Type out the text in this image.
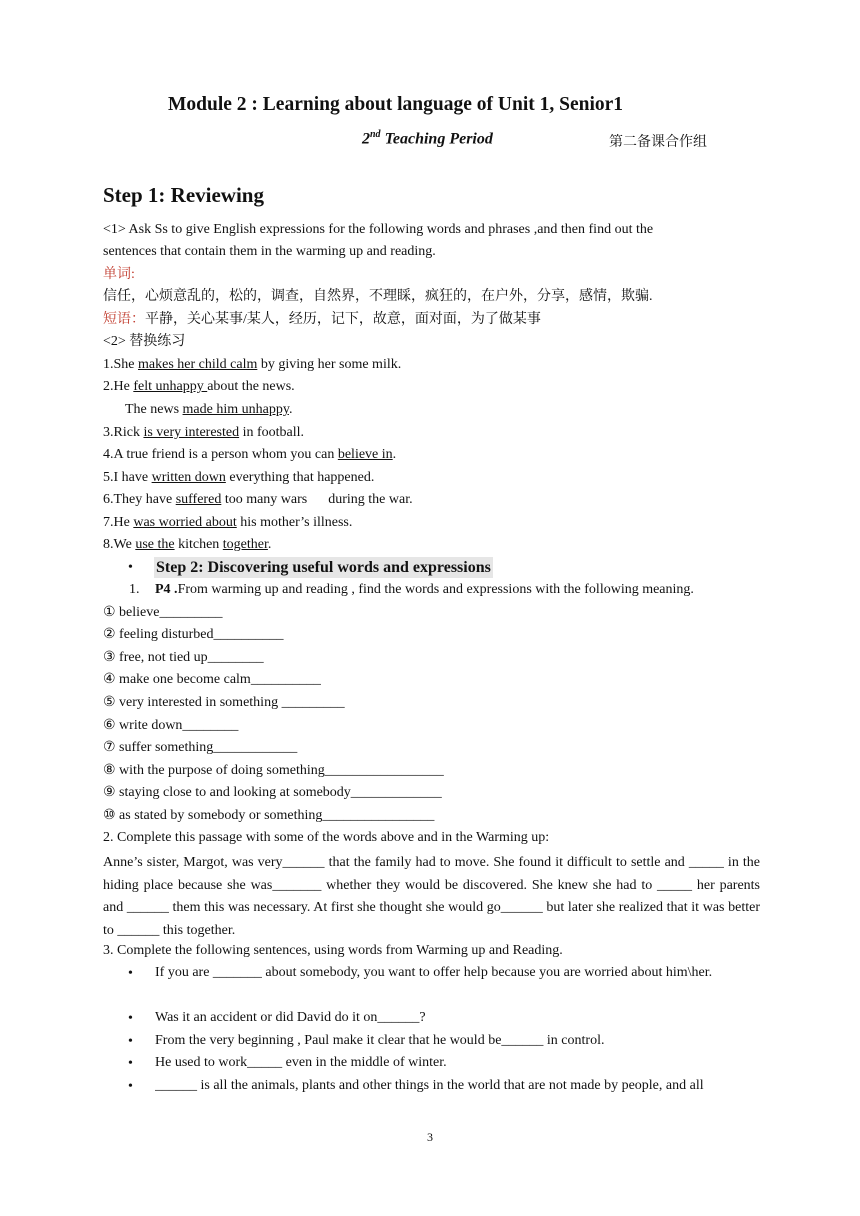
Module 2 : Learning about language of Unit 1, Senior1
2nd Teaching Period	第二备课合作组
Step 1: Reviewing
<1> Ask Ss to give English expressions for the following words and phrases ,and then find out the
sentences that contain them in the warming up and reading.
单词:
信任，心烦意乱的，松的，调查，自然界，不理睬，疯狂的，在户外，分享，感情，欺骗.
短语：平静，关心某事/某人，经历，记下，故意，面对面，为了做某事
<2> 替换练习
1.She makes her child calm by giving her some milk.
2.He felt unhappy about the news.
The news made him unhappy.
3.Rick is very interested in football.
4.A true friend is a person whom you can believe in.
5.I have written down everything that happened.
6.They have suffered too many wars      during the war.
7.He was worried about his mother’s illness.
8.We use the kitchen together.
• Step 2: Discovering useful words and expressions
1. P4 .From warming up and reading , find the words and expressions with the following meaning.
① believe_________
② feeling disturbed__________
③ free, not tied up________
④ make one become calm__________
⑤ very interested in something _________
⑥ write down________
⑦ suffer something____________
⑧ with the purpose of doing something_________________
⑨ staying close to and looking at somebody_____________
⑩ as stated by somebody or something________________
2. Complete this passage with some of the words above and in the Warming up:
Anne’s sister, Margot, was very______ that the family had to move. She found it difficult to settle and _____ in the hiding place because she was_______ whether they would be discovered. She knew she had to _____ her parents and ______ them this was necessary. At first she thought she would go______ but later she realized that it was better to ______ this together.
3. Complete the following sentences, using words from Warming up and Reading.
• If you are _______ about somebody, you want to offer help because you are worried about him\her.
• Was it an accident or did David do it on______?
• From the very beginning , Paul make it clear that he would be______ in control.
• He used to work_____ even in the middle of winter.
• ______ is all the animals, plants and other things in the world that are not made by people, and all
3
